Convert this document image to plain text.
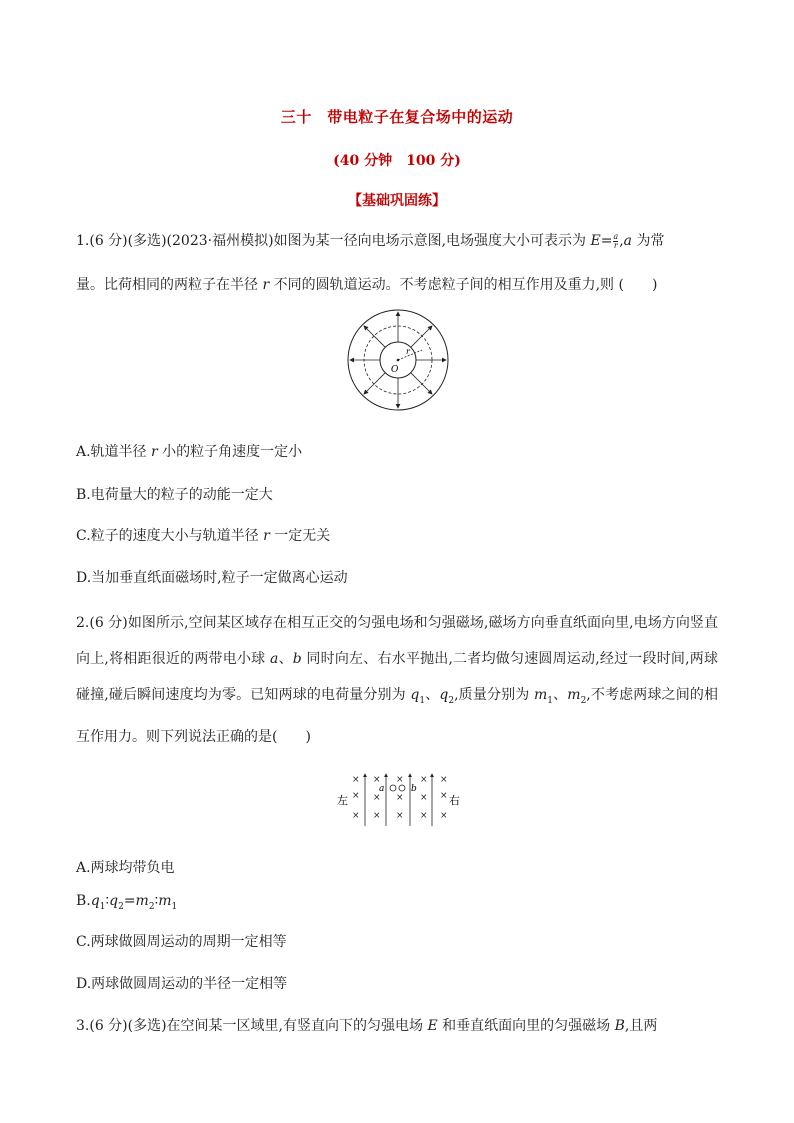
三十　带电粒子在复合场中的运动
(40 分钟　100 分)
【基础巩固练】
1.(6 分)(多选)(2023·福州模拟)如图为某一径向电场示意图,电场强度大小可表示为 $E= \frac{a}{r} ,a$ 为常
量。比荷相同的两粒子在半径 r 不同的圆轨道运动。不考虑粒子间的相互作用及重力,则 (　　)
O
r
A.轨道半径 r 小的粒子角速度一定小
B.电荷量大的粒子的动能一定大
C.粒子的速度大小与轨道半径 r 一定无关
D.当加垂直纸面磁场时,粒子一定做离心运动
2.(6 分)如图所示,空间某区域存在相互正交的匀强电场和匀强磁场,磁场方向垂直纸面向里,电场方向竖直向上,将相距很近的两带电小球 a、b 同时向左、右水平抛出,二者均做匀速圆周运动,经过一段时间,两球碰撞,碰后瞬间速度均为零。已知两球的电荷量分别为 $q_1$、$q_2$,质量分别为 $m_1$、$m_2$,不考虑两球之间的相互作用力。则下列说法正确的是(　　)
×
×
×
×
×
×
×
×
×
×
×
×
×
×
×
a	b
左	右
A.两球均带负电
$B.q_1∶q_2=m_2∶m_1$
C.两球做圆周运动的周期一定相等
D.两球做圆周运动的半径一定相等
3.(6 分)(多选)在空间某一区域里,有竖直向下的匀强电场 E 和垂直纸面向里的匀强磁场 B,且两
